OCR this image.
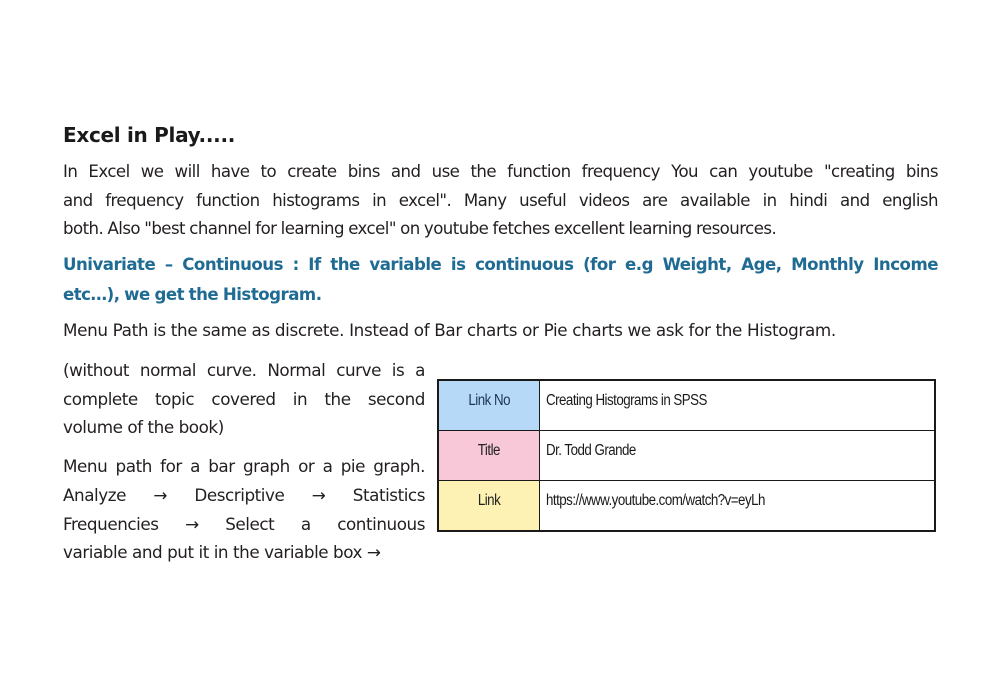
Excel in Play.....
In Excel we will have to create bins and use the function frequency You can youtube "creating bins
and frequency function histograms in excel". Many useful videos are available in hindi and english
both. Also "best channel for learning excel" on youtube fetches excellent learning resources.
Univariate – Continuous : If the variable is continuous (for e.g Weight, Age, Monthly Income
etc…), we get the Histogram.
Menu Path is the same as discrete. Instead of Bar charts or Pie charts we ask for the Histogram.

(without normal curve. Normal curve is a
complete topic covered in the second
volume of the book)

Menu path for a bar graph or a pie graph.
Analyze → Descriptive → Statistics
Frequencies → Select a continuous
variable and put it in the variable box →

Link No	Creating Histograms in SPSS
Title	Dr. Todd Grande
Link	https://www.youtube.com/watch?v=eyLh
